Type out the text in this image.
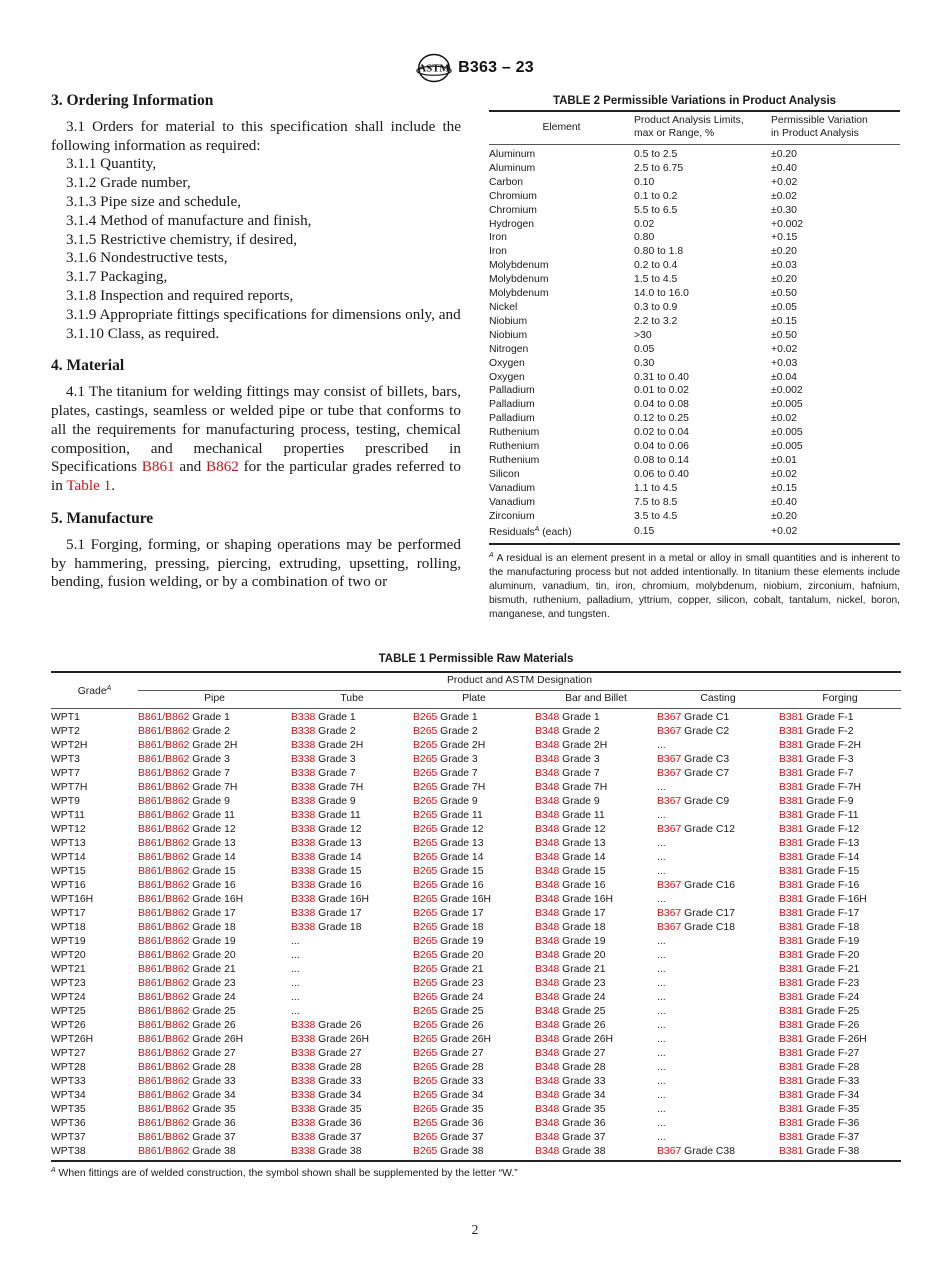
ASTM B363 – 23
3. Ordering Information
3.1 Orders for material to this specification shall include the following information as required:
3.1.1 Quantity,
3.1.2 Grade number,
3.1.3 Pipe size and schedule,
3.1.4 Method of manufacture and finish,
3.1.5 Restrictive chemistry, if desired,
3.1.6 Nondestructive tests,
3.1.7 Packaging,
3.1.8 Inspection and required reports,
3.1.9 Appropriate fittings specifications for dimensions only, and
3.1.10 Class, as required.
4. Material
4.1 The titanium for welding fittings may consist of billets, bars, plates, castings, seamless or welded pipe or tube that conforms to all the requirements for manufacturing process, testing, chemical composition, and mechanical properties prescribed in Specifications B861 and B862 for the particular grades referred to in Table 1.
5. Manufacture
5.1 Forging, forming, or shaping operations may be performed by hammering, pressing, piercing, extruding, upsetting, rolling, bending, fusion welding, or by a combination of two or
TABLE 2 Permissible Variations in Product Analysis
Element	Product Analysis Limits,
max or Range, %	Permissible Variation
in Product Analysis
Aluminum	0.5 to 2.5	±0.20
Aluminum	2.5 to 6.75	±0.40
Carbon	0.10	+0.02
Chromium	0.1 to 0.2	±0.02
Chromium	5.5 to 6.5	±0.30
Hydrogen	0.02	+0.002
Iron	0.80	+0.15
Iron	0.80 to 1.8	±0.20
Molybdenum	0.2 to 0.4	±0.03
Molybdenum	1.5 to 4.5	±0.20
Molybdenum	14.0 to 16.0	±0.50
Nickel	0.3 to 0.9	±0.05
Niobium	2.2 to 3.2	±0.15
Niobium	>30	±0.50
Nitrogen	0.05	+0.02
Oxygen	0.30	+0.03
Oxygen	0.31 to 0.40	±0.04
Palladium	0.01 to 0.02	±0.002
Palladium	0.04 to 0.08	±0.005
Palladium	0.12 to 0.25	±0.02
Ruthenium	0.02 to 0.04	±0.005
Ruthenium	0.04 to 0.06	±0.005
Ruthenium	0.08 to 0.14	±0.01
Silicon	0.06 to 0.40	±0.02
Vanadium	1.1 to 4.5	±0.15
Vanadium	7.5 to 8.5	±0.40
Zirconium	3.5 to 4.5	±0.20
Residuals$^A$ (each)	0.15	+0.02
$^A$ A residual is an element present in a metal or alloy in small quantities and is inherent to the manufacturing process but not added intentionally. In titanium these elements include aluminum, vanadium, tin, iron, chromium, molybdenum, niobium, zirconium, hafnium, bismuth, ruthenium, palladium, yttrium, copper, silicon, cobalt, tantalum, nickel, boron, manganese, and tungsten.
TABLE 1 Permissible Raw Materials
Grade$^A$		Product and ASTM Designation					
	Pipe	Tube	Plate	Bar and Billet	Casting	Forging
WPT1		B861/B862 Grade 1	B338 Grade 1	B265 Grade 1	B348 Grade 1	B367 Grade C1	B381 Grade F-1
WPT2		B861/B862 Grade 2	B338 Grade 2	B265 Grade 2	B348 Grade 2	B367 Grade C2	B381 Grade F-2
WPT2H		B861/B862 Grade 2H	B338 Grade 2H	B265 Grade 2H	B348 Grade 2H	...	B381 Grade F-2H
WPT3		B861/B862 Grade 3	B338 Grade 3	B265 Grade 3	B348 Grade 3	B367 Grade C3	B381 Grade F-3
WPT7		B861/B862 Grade 7	B338 Grade 7	B265 Grade 7	B348 Grade 7	B367 Grade C7	B381 Grade F-7
WPT7H		B861/B862 Grade 7H	B338 Grade 7H	B265 Grade 7H	B348 Grade 7H	...	B381 Grade F-7H
WPT9		B861/B862 Grade 9	B338 Grade 9	B265 Grade 9	B348 Grade 9	B367 Grade C9	B381 Grade F-9
WPT11		B861/B862 Grade 11	B338 Grade 11	B265 Grade 11	B348 Grade 11	...	B381 Grade F-11
WPT12		B861/B862 Grade 12	B338 Grade 12	B265 Grade 12	B348 Grade 12	B367 Grade C12	B381 Grade F-12
WPT13		B861/B862 Grade 13	B338 Grade 13	B265 Grade 13	B348 Grade 13	...	B381 Grade F-13
WPT14		B861/B862 Grade 14	B338 Grade 14	B265 Grade 14	B348 Grade 14	...	B381 Grade F-14
WPT15		B861/B862 Grade 15	B338 Grade 15	B265 Grade 15	B348 Grade 15	...	B381 Grade F-15
WPT16		B861/B862 Grade 16	B338 Grade 16	B265 Grade 16	B348 Grade 16	B367 Grade C16	B381 Grade F-16
WPT16H		B861/B862 Grade 16H	B338 Grade 16H	B265 Grade 16H	B348 Grade 16H	...	B381 Grade F-16H
WPT17		B861/B862 Grade 17	B338 Grade 17	B265 Grade 17	B348 Grade 17	B367 Grade C17	B381 Grade F-17
WPT18		B861/B862 Grade 18	B338 Grade 18	B265 Grade 18	B348 Grade 18	B367 Grade C18	B381 Grade F-18
WPT19		B861/B862 Grade 19	...	B265 Grade 19	B348 Grade 19	...	B381 Grade F-19
WPT20		B861/B862 Grade 20	...	B265 Grade 20	B348 Grade 20	...	B381 Grade F-20
WPT21		B861/B862 Grade 21	...	B265 Grade 21	B348 Grade 21	...	B381 Grade F-21
WPT23		B861/B862 Grade 23	...	B265 Grade 23	B348 Grade 23	...	B381 Grade F-23
WPT24		B861/B862 Grade 24	...	B265 Grade 24	B348 Grade 24	...	B381 Grade F-24
WPT25		B861/B862 Grade 25	...	B265 Grade 25	B348 Grade 25	...	B381 Grade F-25
WPT26		B861/B862 Grade 26	B338 Grade 26	B265 Grade 26	B348 Grade 26	...	B381 Grade F-26
WPT26H		B861/B862 Grade 26H	B338 Grade 26H	B265 Grade 26H	B348 Grade 26H	...	B381 Grade F-26H
WPT27		B861/B862 Grade 27	B338 Grade 27	B265 Grade 27	B348 Grade 27	...	B381 Grade F-27
WPT28		B861/B862 Grade 28	B338 Grade 28	B265 Grade 28	B348 Grade 28	...	B381 Grade F-28
WPT33		B861/B862 Grade 33	B338 Grade 33	B265 Grade 33	B348 Grade 33	...	B381 Grade F-33
WPT34		B861/B862 Grade 34	B338 Grade 34	B265 Grade 34	B348 Grade 34	...	B381 Grade F-34
WPT35		B861/B862 Grade 35	B338 Grade 35	B265 Grade 35	B348 Grade 35	...	B381 Grade F-35
WPT36		B861/B862 Grade 36	B338 Grade 36	B265 Grade 36	B348 Grade 36	...	B381 Grade F-36
WPT37		B861/B862 Grade 37	B338 Grade 37	B265 Grade 37	B348 Grade 37	...	B381 Grade F-37
WPT38		B861/B862 Grade 38	B338 Grade 38	B265 Grade 38	B348 Grade 38	B367 Grade C38	B381 Grade F-38
$^A$ When fittings are of welded construction, the symbol shown shall be supplemented by the letter “W.”
2
